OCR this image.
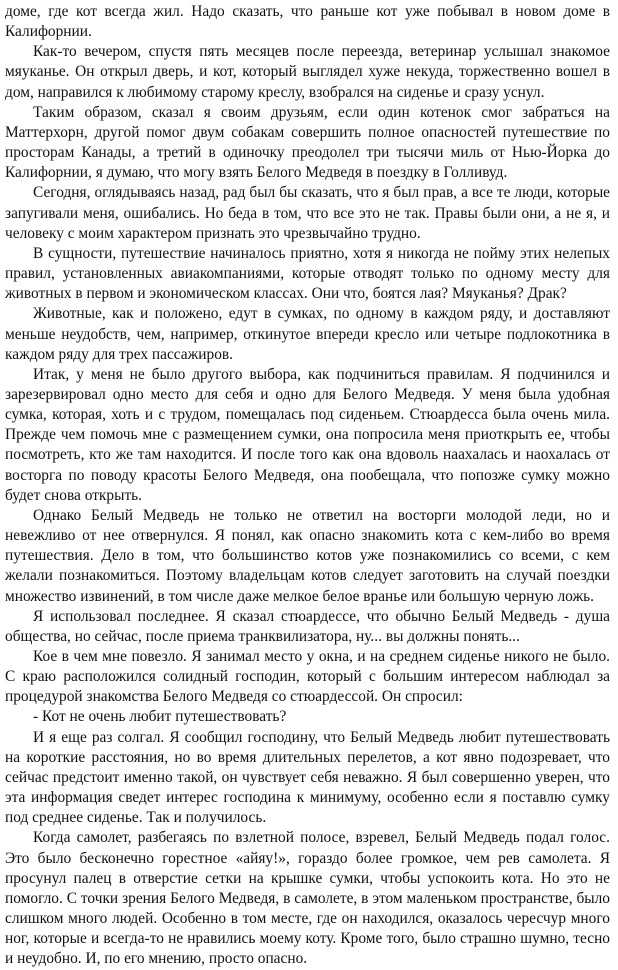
доме, где кот всегда жил. Надо сказать, что раньше кот уже побывал в новом доме в Калифорнии.

Как-то вечером, спустя пять месяцев после переезда, ветеринар услышал знакомое мяуканье. Он открыл дверь, и кот, который выглядел хуже некуда, торжественно вошел в дом, направился к любимому старому креслу, взобрался на сиденье и сразу уснул.

Таким образом, сказал я своим друзьям, если один котенок смог забраться на Маттерхорн, другой помог двум собакам совершить полное опасностей путешествие по просторам Канады, а третий в одиночку преодолел три тысячи миль от Нью-Йорка до Калифорнии, я думаю, что могу взять Белого Медведя в поездку в Голливуд.

Сегодня, оглядываясь назад, рад был бы сказать, что я был прав, а все те люди, которые запугивали меня, ошибались. Но беда в том, что все это не так. Правы были они, а не я, и человеку с моим характером признать это чрезвычайно трудно.

В сущности, путешествие начиналось приятно, хотя я никогда не пойму этих нелепых правил, установленных авиакомпаниями, которые отводят только по одному месту для животных в первом и экономическом классах. Они что, боятся лая? Мяуканья? Драк?

Животные, как и положено, едут в сумках, по одному в каждом ряду, и доставляют меньше неудобств, чем, например, откинутое впереди кресло или четыре подлокотника в каждом ряду для трех пассажиров.

Итак, у меня не было другого выбора, как подчиниться правилам. Я подчинился и зарезервировал одно место для себя и одно для Белого Медведя. У меня была удобная сумка, которая, хоть и с трудом, помещалась под сиденьем. Стюардесса была очень мила. Прежде чем помочь мне с размещением сумки, она попросила меня приоткрыть ее, чтобы посмотреть, кто же там находится. И после того как она вдоволь наахалась и наохалась от восторга по поводу красоты Белого Медведя, она пообещала, что попозже сумку можно будет снова открыть.

Однако Белый Медведь не только не ответил на восторги молодой леди, но и невежливо от нее отвернулся. Я понял, как опасно знакомить кота с кем-либо во время путешествия. Дело в том, что большинство котов уже познакомились со всеми, с кем желали познакомиться. Поэтому владельцам котов следует заготовить на случай поездки множество извинений, в том числе даже мелкое белое вранье или большую черную ложь.

Я использовал последнее. Я сказал стюардессе, что обычно Белый Медведь - душа общества, но сейчас, после приема транквилизатора, ну... вы должны понять...

Кое в чем мне повезло. Я занимал место у окна, и на среднем сиденье никого не было. С краю расположился солидный господин, который с большим интересом наблюдал за процедурой знакомства Белого Медведя со стюардессой. Он спросил:

- Кот не очень любит путешествовать?

И я еще раз солгал. Я сообщил господину, что Белый Медведь любит путешествовать на короткие расстояния, но во время длительных перелетов, а кот явно подозревает, что сейчас предстоит именно такой, он чувствует себя неважно. Я был совершенно уверен, что эта информация сведет интерес господина к минимуму, особенно если я поставлю сумку под среднее сиденье. Так и получилось.

Когда самолет, разбегаясь по взлетной полосе, взревел, Белый Медведь подал голос. Это было бесконечно горестное «айяу!», гораздо более громкое, чем рев самолета. Я просунул палец в отверстие сетки на крышке сумки, чтобы успокоить кота. Но это не помогло. С точки зрения Белого Медведя, в самолете, в этом маленьком пространстве, было слишком много людей. Особенно в том месте, где он находился, оказалось чересчур много ног, которые и всегда-то не нравились моему коту. Кроме того, было страшно шумно, тесно и неудобно. И, по его мнению, просто опасно.
